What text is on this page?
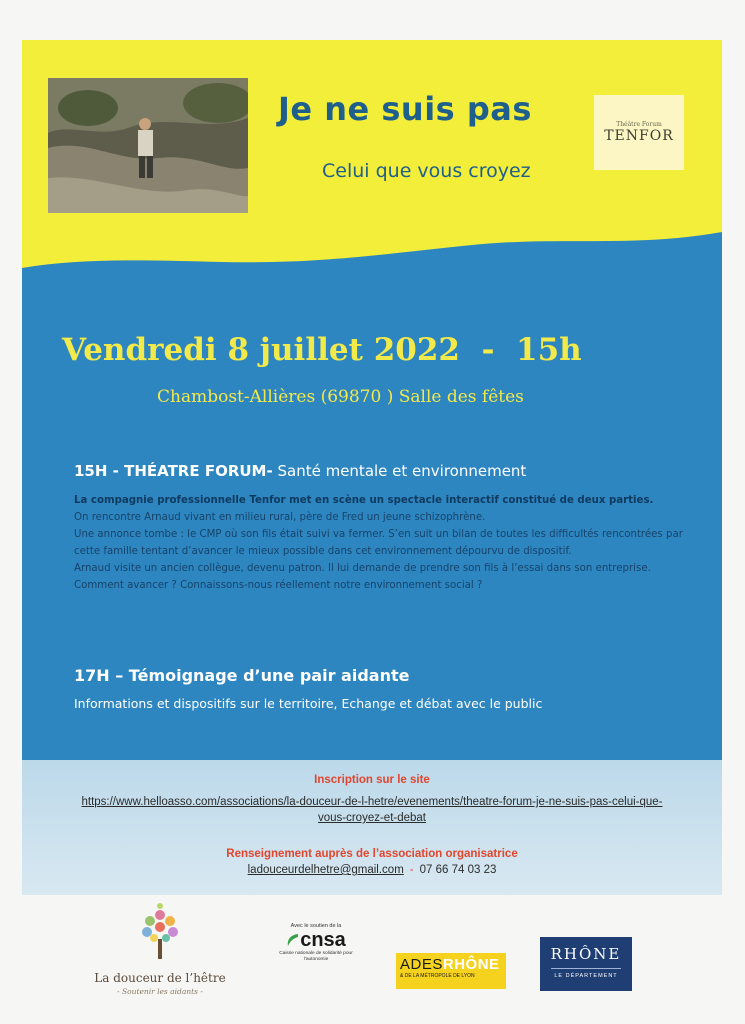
Je ne suis pas
Celui que vous croyez
Théâtre Forum
TENFOR
Vendredi 8 juillet 2022  -  15h
Chambost-Allières (69870 ) Salle des fêtes
15H - THÉATRE FORUM- Santé mentale et environnement

La compagnie professionnelle Tenfor met en scène un spectacle interactif constitué de deux parties.

On rencontre Arnaud vivant en milieu rural, père de Fred un jeune schizophrène.

Une annonce tombe : le CMP où son fils était suivi va fermer. S’en suit un bilan de toutes les difficultés rencontrées par cette famille tentant d’avancer le mieux possible dans cet environnement dépourvu de dispositif.

Arnaud visite un ancien collègue, devenu patron. Il lui demande de prendre son fils à l’essai dans son entreprise.

Comment avancer ? Connaissons-nous réellement notre environnement social ?

17H – Témoignage d’une pair aidante
Informations et dispositifs sur le territoire, Echange et débat avec le public
Inscription sur le site
https://www.helloasso.com/associations/la-douceur-de-l-hetre/evenements/theatre-forum-je-ne-suis-pas-celui-que-
vous-croyez-et-debat
Renseignement auprès de l’association organisatrice
ladouceurdelhetre@gmail.com - 07 66 74 03 23
La douceur de l’hêtre
- Soutenir les aidants -
Avec le soutien de la
cnsa
Caisse nationale de solidarité pour l’autonomie	ADESRHÔNE
& DE LA MÉTROPOLE DE LYON
RHÔNE
LE DÉPARTEMENT
